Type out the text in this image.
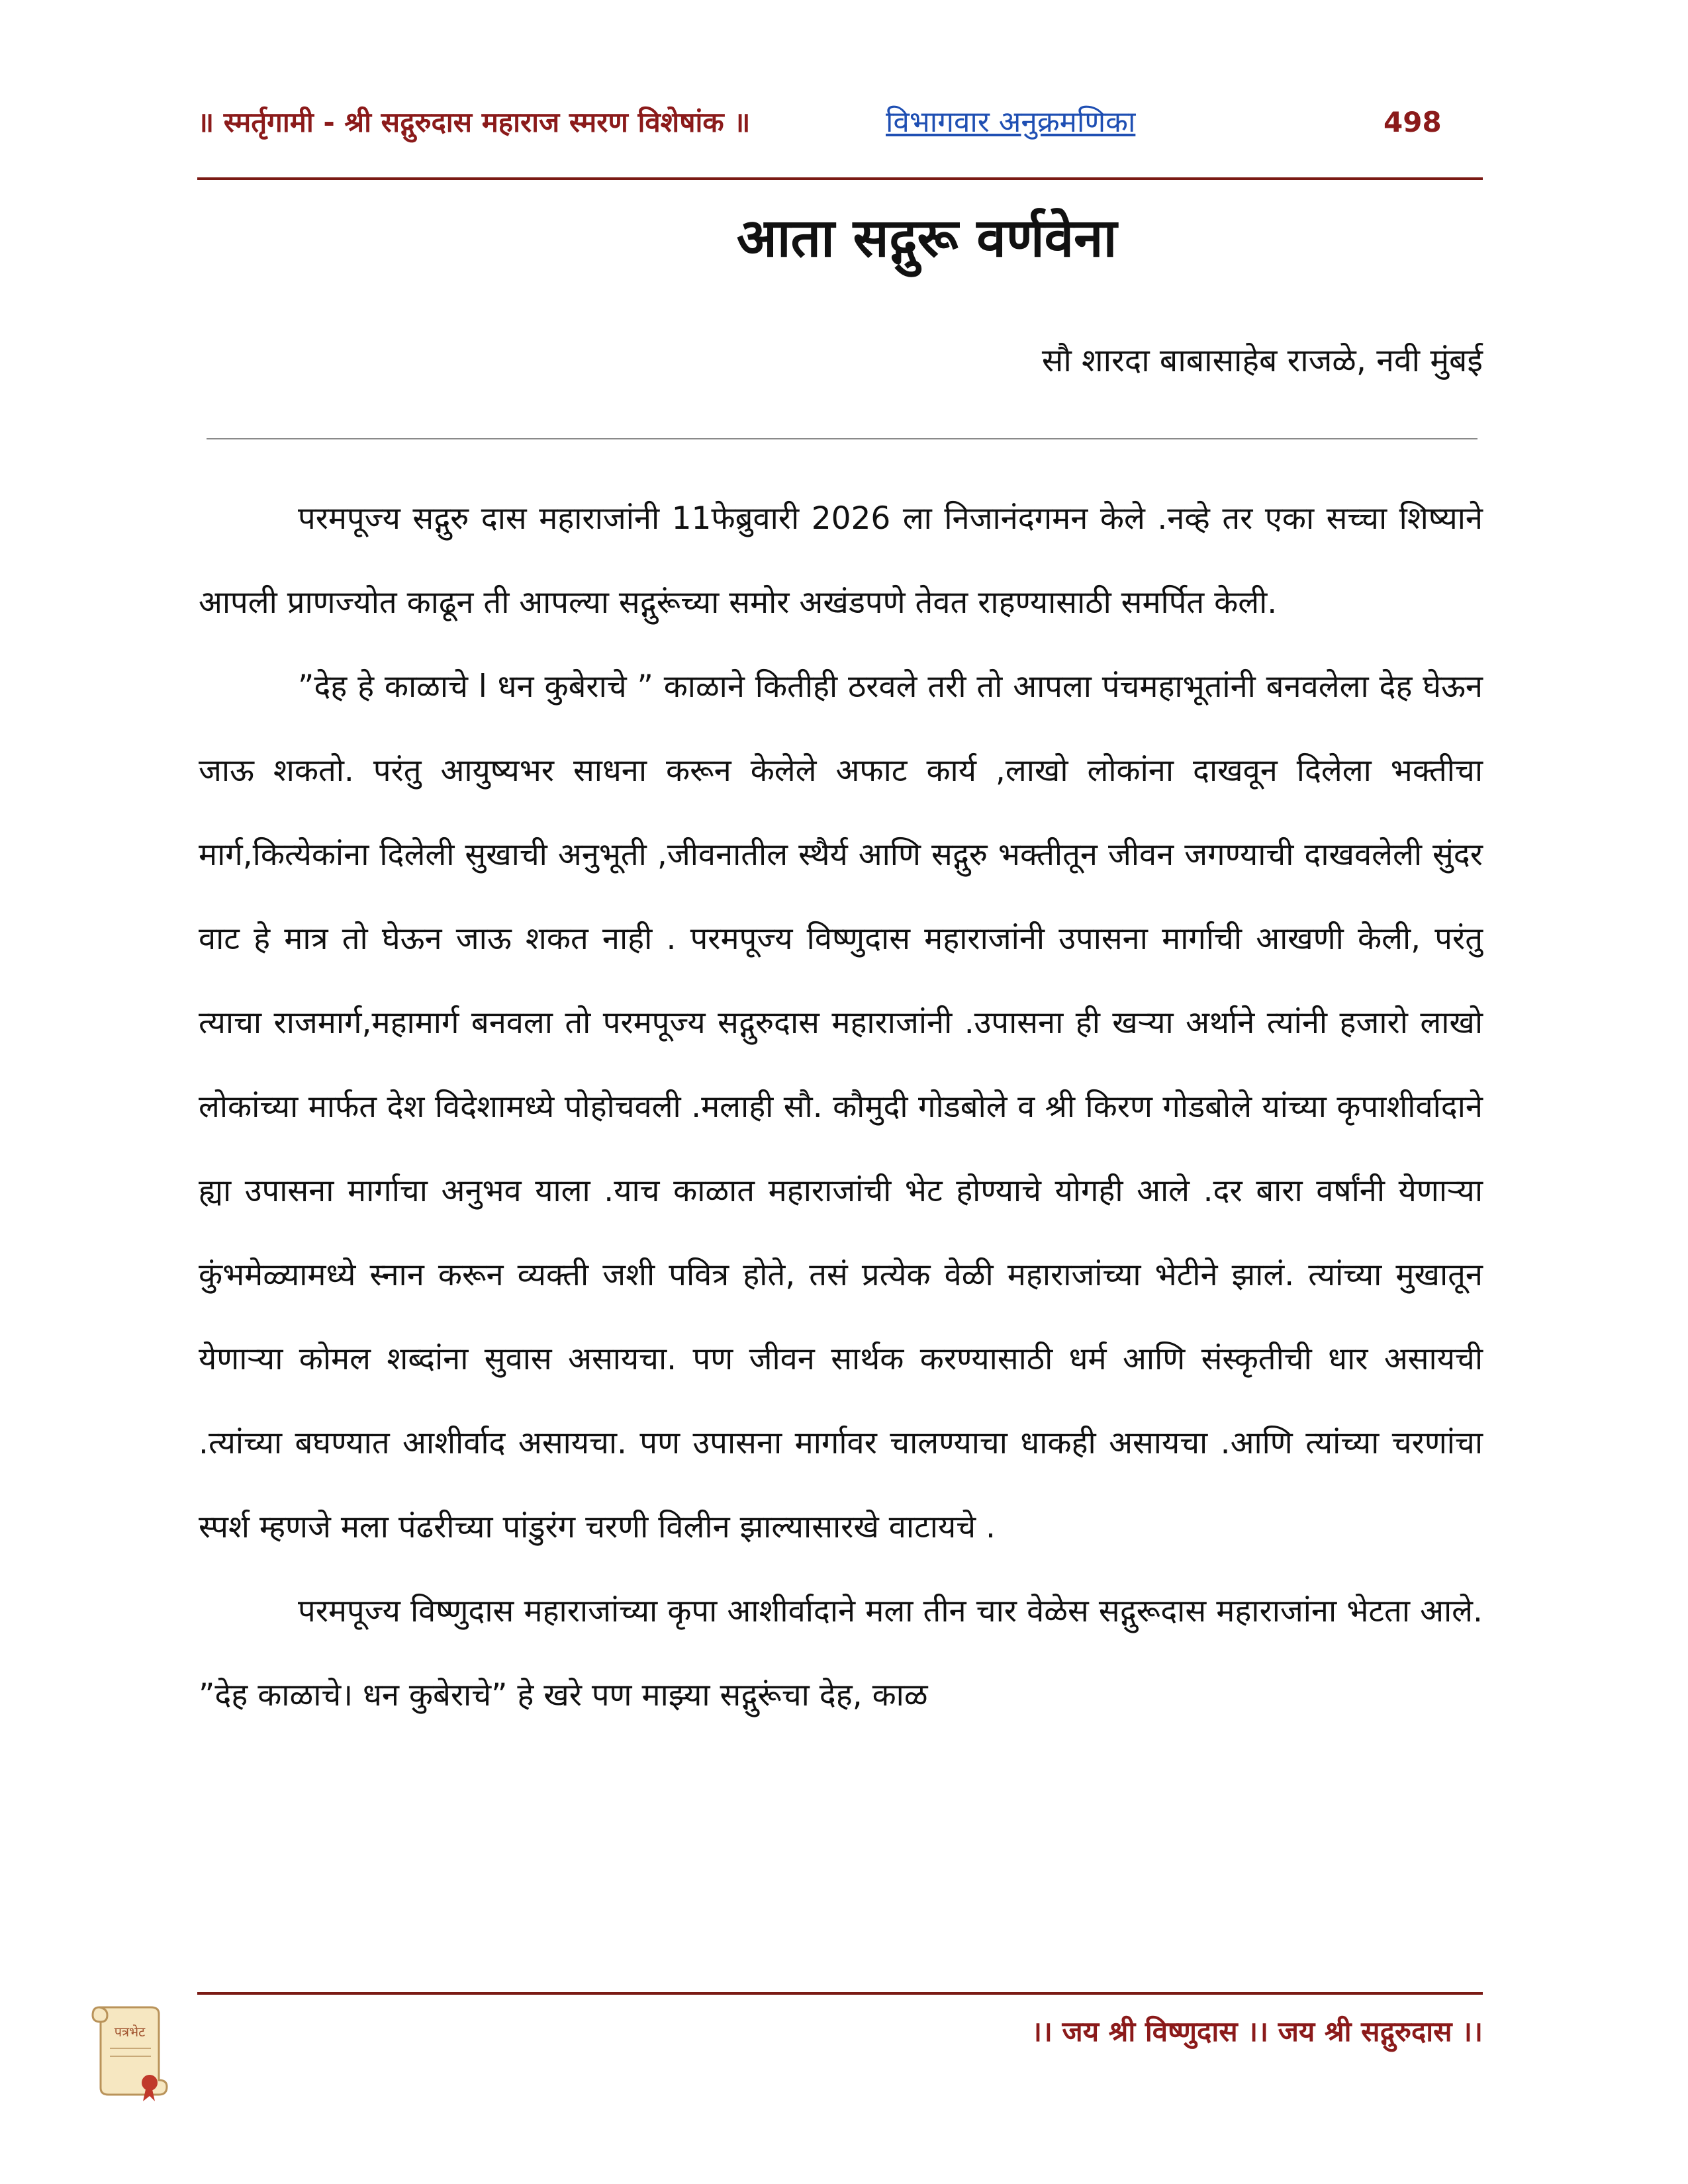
॥ स्मर्तृगामी - श्री सद्गुरुदास महाराज स्मरण विशेषांक ॥	विभागवार अनुक्रमणिका	498
आता सद्गुरू वर्णवेना
सौ शारदा बाबासाहेब राजळे, नवी मुंबई

परमपूज्य सद्गुरु दास महाराजांनी 11फेब्रुवारी 2026 ला निजानंदगमन केले .नव्हे तर एका सच्चा शिष्याने आपली प्राणज्योत काढून ती आपल्या सद्गुरूंच्या समोर अखंडपणे तेवत राहण्यासाठी समर्पित केली.

”देह हे काळाचे l धन कुबेराचे ” काळाने कितीही ठरवले तरी तो आपला पंचमहाभूतांनी बनवलेला देह घेऊन जाऊ शकतो. परंतु आयुष्यभर साधना करून केलेले अफाट कार्य ,लाखो लोकांना दाखवून दिलेला भक्तीचा मार्ग,कित्येकांना दिलेली सुखाची अनुभूती ,जीवनातील स्थैर्य आणि सद्गुरु भक्तीतून जीवन जगण्याची दाखवलेली सुंदर वाट हे मात्र तो घेऊन जाऊ शकत नाही . परमपूज्य विष्णुदास महाराजांनी उपासना मार्गाची आखणी केली, परंतु त्याचा राजमार्ग,महामार्ग बनवला तो परमपूज्य सद्गुरुदास महाराजांनी .उपासना ही खऱ्या अर्थाने त्यांनी हजारो लाखो लोकांच्या मार्फत देश विदेशामध्ये पोहोचवली .मलाही सौ. कौमुदी गोडबोले व श्री किरण गोडबोले यांच्या कृपाशीर्वादाने ह्या उपासना मार्गाचा अनुभव याला .याच काळात महाराजांची भेट होण्याचे योगही आले .दर बारा वर्षांनी येणाऱ्या कुंभमेळ्यामध्ये स्नान करून व्यक्ती जशी पवित्र होते, तसं प्रत्येक वेळी महाराजांच्या भेटीने झालं. त्यांच्या मुखातून येणाऱ्या कोमल शब्दांना सुवास असायचा. पण जीवन सार्थक करण्यासाठी धर्म आणि संस्कृतीची धार असायची .त्यांच्या बघण्यात आशीर्वाद असायचा. पण उपासना मार्गावर चालण्याचा धाकही असायचा .आणि त्यांच्या चरणांचा स्पर्श म्हणजे मला पंढरीच्या पांडुरंग चरणी विलीन झाल्यासारखे वाटायचे .

परमपूज्य विष्णुदास महाराजांच्या कृपा आशीर्वादाने मला तीन चार वेळेस सद्गुरूदास महाराजांना भेटता आले. ”देह काळाचे। धन कुबेराचे” हे खरे पण माझ्या सद्गुरूंचा देह, काळ

।। जय श्री विष्णुदास ।। जय श्री सद्गुरुदास ।।
पत्रभेट
